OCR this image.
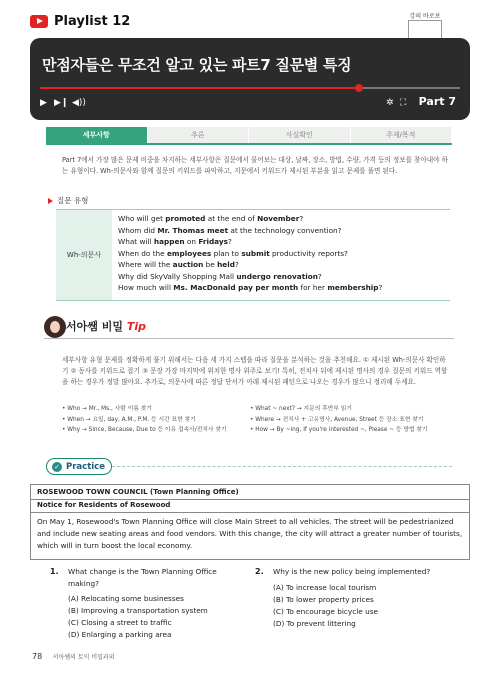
Playlist 12	강의 바로보
만점자들은 무조건 알고 있는 파트7 질문별 특징
▶ ▶❙ ◀))	✲ ⛶ Part 7
세부사항	추론	사실확인	주제/목적

Part 7에서 가장 많은 문제 비중을 차지하는 세부사항은 질문에서 물어보는 대상, 날짜, 장소, 방법, 수량, 가격 등의 정보를 찾아내야 하는 유형이다. Wh-의문사와 함께 질문의 키워드를 파악하고, 지문에서 키워드가 제시된 부분을 읽고 문제를 풀면 된다.

질문 유형
Wh-의문사
Who will get promoted at the end of November?
Whom did Mr. Thomas meet at the technology convention?
What will happen on Fridays?
When do the employees plan to submit productivity reports?
Where will the auction be held?
Why did SkyVally Shopping Mall undergo renovation?
How much will Ms. MacDonald pay per month for her membership?
서아쌤 비밀 Tip

세부사항 유형 문제를 정확하게 풀기 위해서는 다음 세 가지 스텝을 따라 질문을 분석하는 것을 추천해요. ① 제시된 Wh-의문사 확인하기 ② 동사를 키워드로 잡기 ③ 문장 가장 마지막에 위치한 명사 위주로 보기! 특히, 전치사 뒤에 제시된 명사의 경우 질문의 키워드 역할을 하는 경우가 정말 많아요. 추가로, 의문사에 따른 정답 단서가 아래 제시된 패턴으로 나오는 경우가 많으니 정리해 두세요.

• Who → Mr., Ms., 사람 이름 찾기
• When → 요일, day, A.M., P.M. 등 시간 표현 찾기
• Why → Since, Because, Due to 등 이유 접속사/전치사 찾기
• What ~ next? → 지문의 후반부 읽기
• Where → 전치사 + 고유명사, Avenue, Street 등 장소 표현 찾기
• How → By ~ing, If you're interested ~, Please ~ 등 방법 찾기
✓ Practice
ROSEWOOD TOWN COUNCIL (Town Planning Office)
Notice for Residents of Rosewood
On May 1, Rosewood's Town Planning Office will close Main Street to all vehicles. The street will be pedestrianized and include new seating areas and food vendors. With this change, the city will attract a greater number of tourists, which will in turn boost the local economy.
1.	What change is the Town Planning Office making?
(A) Relocating some businesses
(B) Improving a transportation system
(C) Closing a street to traffic
(D) Enlarging a parking area
2.	Why is the new policy being implemented?
(A) To increase local tourism
(B) To lower property prices
(C) To encourage bicycle use
(D) To prevent littering
78 서아쌤의 토익 비밀과외
